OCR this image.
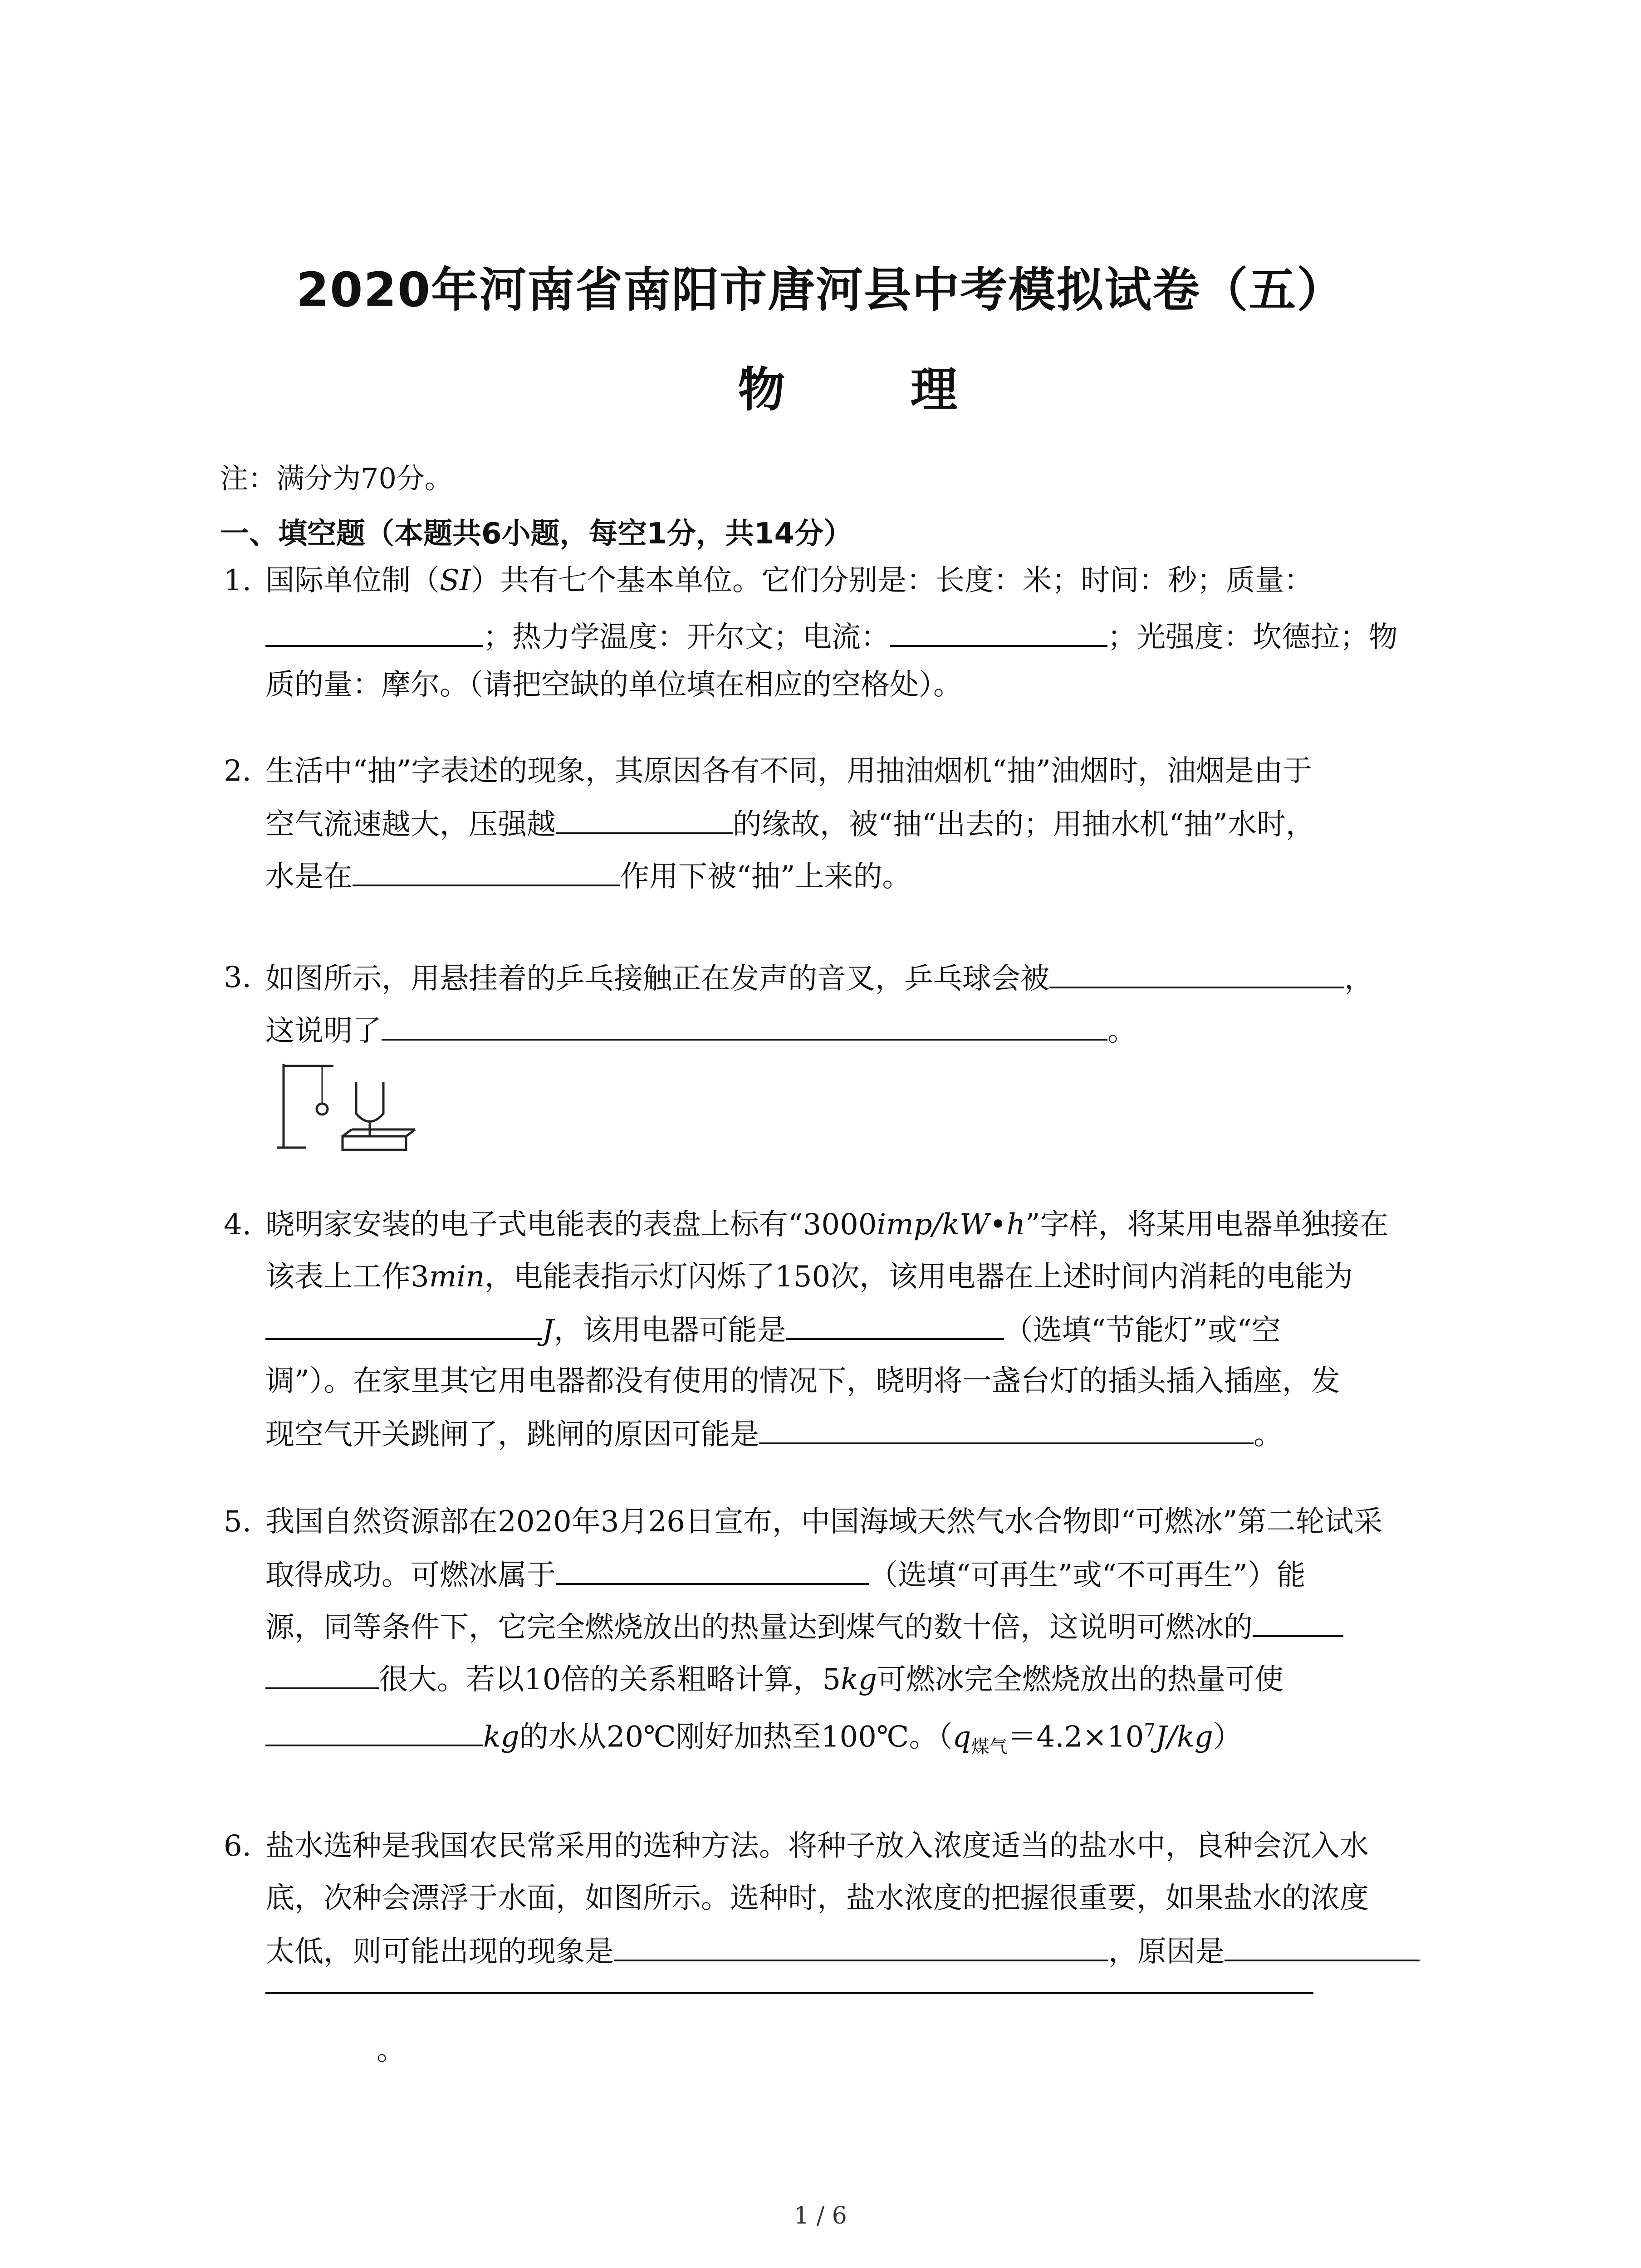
2020年河南省南阳市唐河县中考模拟试卷（五）
物 理
注：满分为70分。
一、填空题（本题共6小题，每空1分，共14分）
1. 国际单位制（SI）共有七个基本单位。它们分别是：长度：米；时间：秒；质量：
；热力学温度：开尔文；电流：	；光强度：坎德拉；物
质的量：摩尔。（请把空缺的单位填在相应的空格处）。
2. 生活中“抽”字表述的现象，其原因各有不同，用抽油烟机“抽”油烟时，油烟是由于
空气流速越大，压强越	的缘故，被“抽“出去的；用抽水机“抽”水时，
水是在	作用下被“抽”上来的。
3. 如图所示，用悬挂着的乒乓接触正在发声的音叉，乒乓球会被	，
这说明了	。
4. 晓明家安装的电子式电能表的表盘上标有“3000imp/kW•h”字样，将某用电器单独接在
该表上工作3min，电能表指示灯闪烁了150次，该用电器在上述时间内消耗的电能为
J，该用电器可能是	（选填“节能灯”或“空
调”）。在家里其它用电器都没有使用的情况下，晓明将一盏台灯的插头插入插座，发
现空气开关跳闸了，跳闸的原因可能是	。
5. 我国自然资源部在2020年3月26日宣布，中国海域天然气水合物即“可燃冰”第二轮试采
取得成功。可燃冰属于	（选填“可再生”或“不可再生”）能
源，同等条件下，它完全燃烧放出的热量达到煤气的数十倍，这说明可燃冰的
很大。若以10倍的关系粗略计算，5kg可燃冰完全燃烧放出的热量可使
kg的水从20℃刚好加热至100℃。$(q_{煤气}=4.2\times 10^7J/kg)$
6. 盐水选种是我国农民常采用的选种方法。将种子放入浓度适当的盐水中，良种会沉入水
底，次种会漂浮于水面，如图所示。选种时，盐水浓度的把握很重要，如果盐水的浓度
太低，则可能出现的现象是	，原因是
。
1 / 6
